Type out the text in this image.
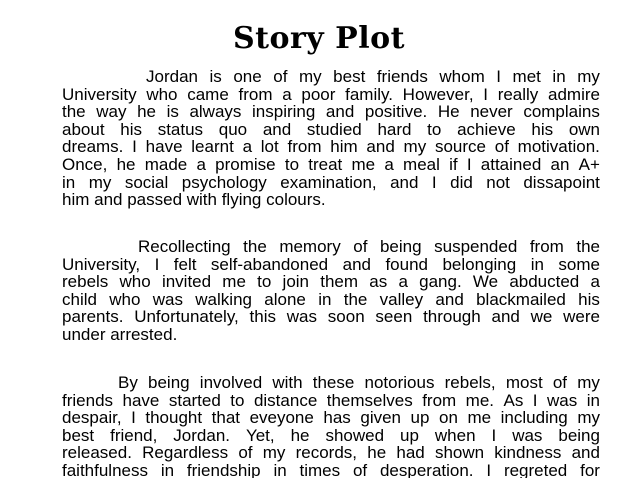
Story Plot
Jordan is one of my best friends whom I met in my
University who came from a poor family. However, I really admire
the way he is always inspiring and positive. He never complains
about his status quo and studied hard to achieve his own
dreams. I have learnt a lot from him and my source of motivation.
Once, he made a promise to treat me a meal if I attained an A+
in my social psychology examination, and I did not dissapoint
him and passed with flying colours.
Recollecting the memory of being suspended from the
University, I felt self-abandoned and found belonging in some
rebels who invited me to join them as a gang. We abducted a
child who was walking alone in the valley and blackmailed his
parents. Unfortunately, this was soon seen through and we were
under arrested.
By being involved with these notorious rebels, most of my
friends have started to distance themselves from me. As I was in
despair, I thought that eveyone has given up on me including my
best friend, Jordan. Yet, he showed up when I was being
released. Regardless of my records, he had shown kindness and
faithfulness in friendship in times of desperation. I regreted for
